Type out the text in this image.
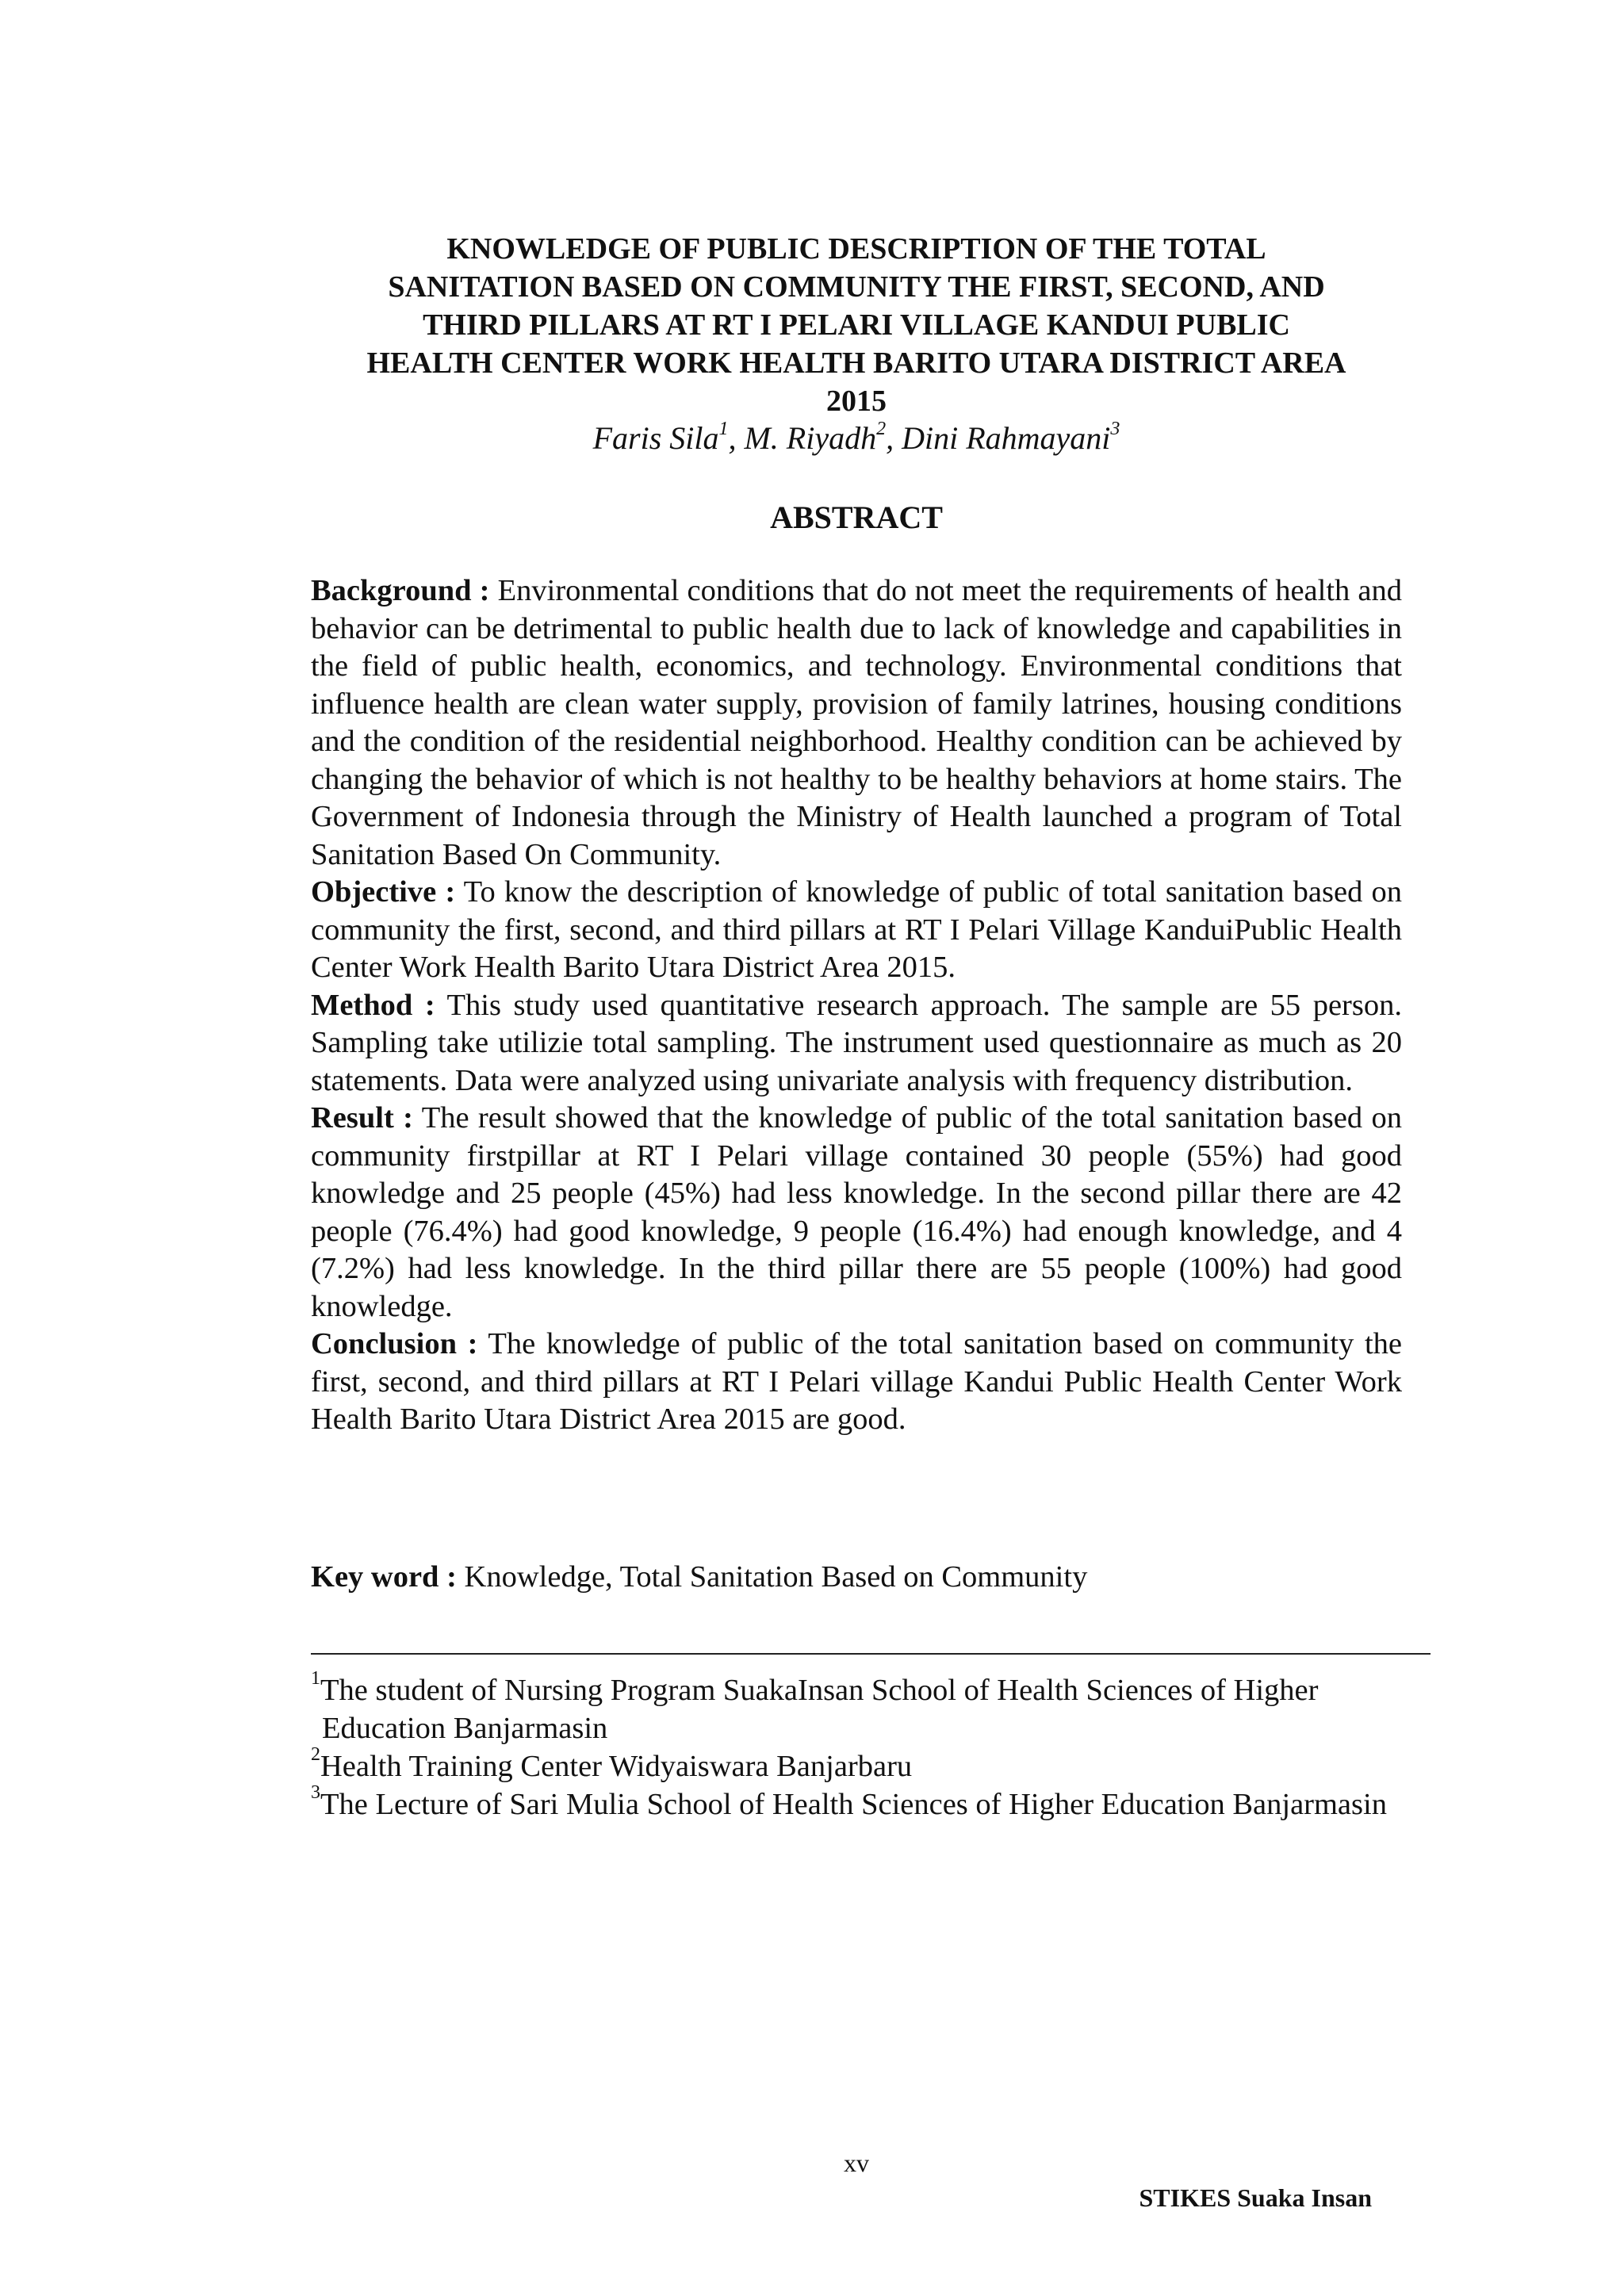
KNOWLEDGE OF PUBLIC DESCRIPTION OF THE TOTAL
SANITATION BASED ON COMMUNITY THE FIRST, SECOND, AND
THIRD PILLARS AT RT I PELARI VILLAGE KANDUI PUBLIC
HEALTH CENTER WORK HEALTH BARITO UTARA DISTRICT AREA
2015
Faris Sila$^1$, M. Riyadh$^2$, Dini Rahmayani$^3$
ABSTRACT

Background : Environmental conditions that do not meet the requirements of health and behavior can be detrimental to public health due to lack of knowledge and capabilities in the field of public health, economics, and technology. Environmental conditions that influence health are clean water supply, provision of family latrines, housing conditions and the condition of the residential neighborhood. Healthy condition can be achieved by changing the behavior of which is not healthy to be healthy behaviors at home stairs. The Government of Indonesia through the Ministry of Health launched a program of Total Sanitation Based On Community.

Objective : To know the description of knowledge of public of total sanitation based on community the first, second, and third pillars at RT I Pelari Village KanduiPublic Health Center Work Health Barito Utara District Area 2015.

Method : This study used quantitative research approach. The sample are 55 person. Sampling take utilizie total sampling. The instrument used questionnaire as much as 20 statements. Data were analyzed using univariate analysis with frequency distribution.

Result : The result showed that the knowledge of public of the total sanitation based on community firstpillar at RT I Pelari village contained 30 people (55%) had good knowledge and 25 people (45%) had less knowledge. In the second pillar there are 42 people (76.4%) had good knowledge, 9 people (16.4%) had enough knowledge, and 4 (7.2%) had less knowledge. In the third pillar there are 55 people (100%) had good knowledge.

Conclusion : The knowledge of public of the total sanitation based on community the first, second, and third pillars at RT I Pelari village Kandui Public Health Center Work Health Barito Utara District Area 2015 are good.

Key word : Knowledge, Total Sanitation Based on Community
$^1$The student of Nursing Program SuakaInsan School of Health Sciences of Higher Education Banjarmasin
$^2$Health Training Center Widyaiswara Banjarbaru
$^3$The Lecture of Sari Mulia School of Health Sciences of Higher Education Banjarmasin
xv
STIKES Suaka Insan
